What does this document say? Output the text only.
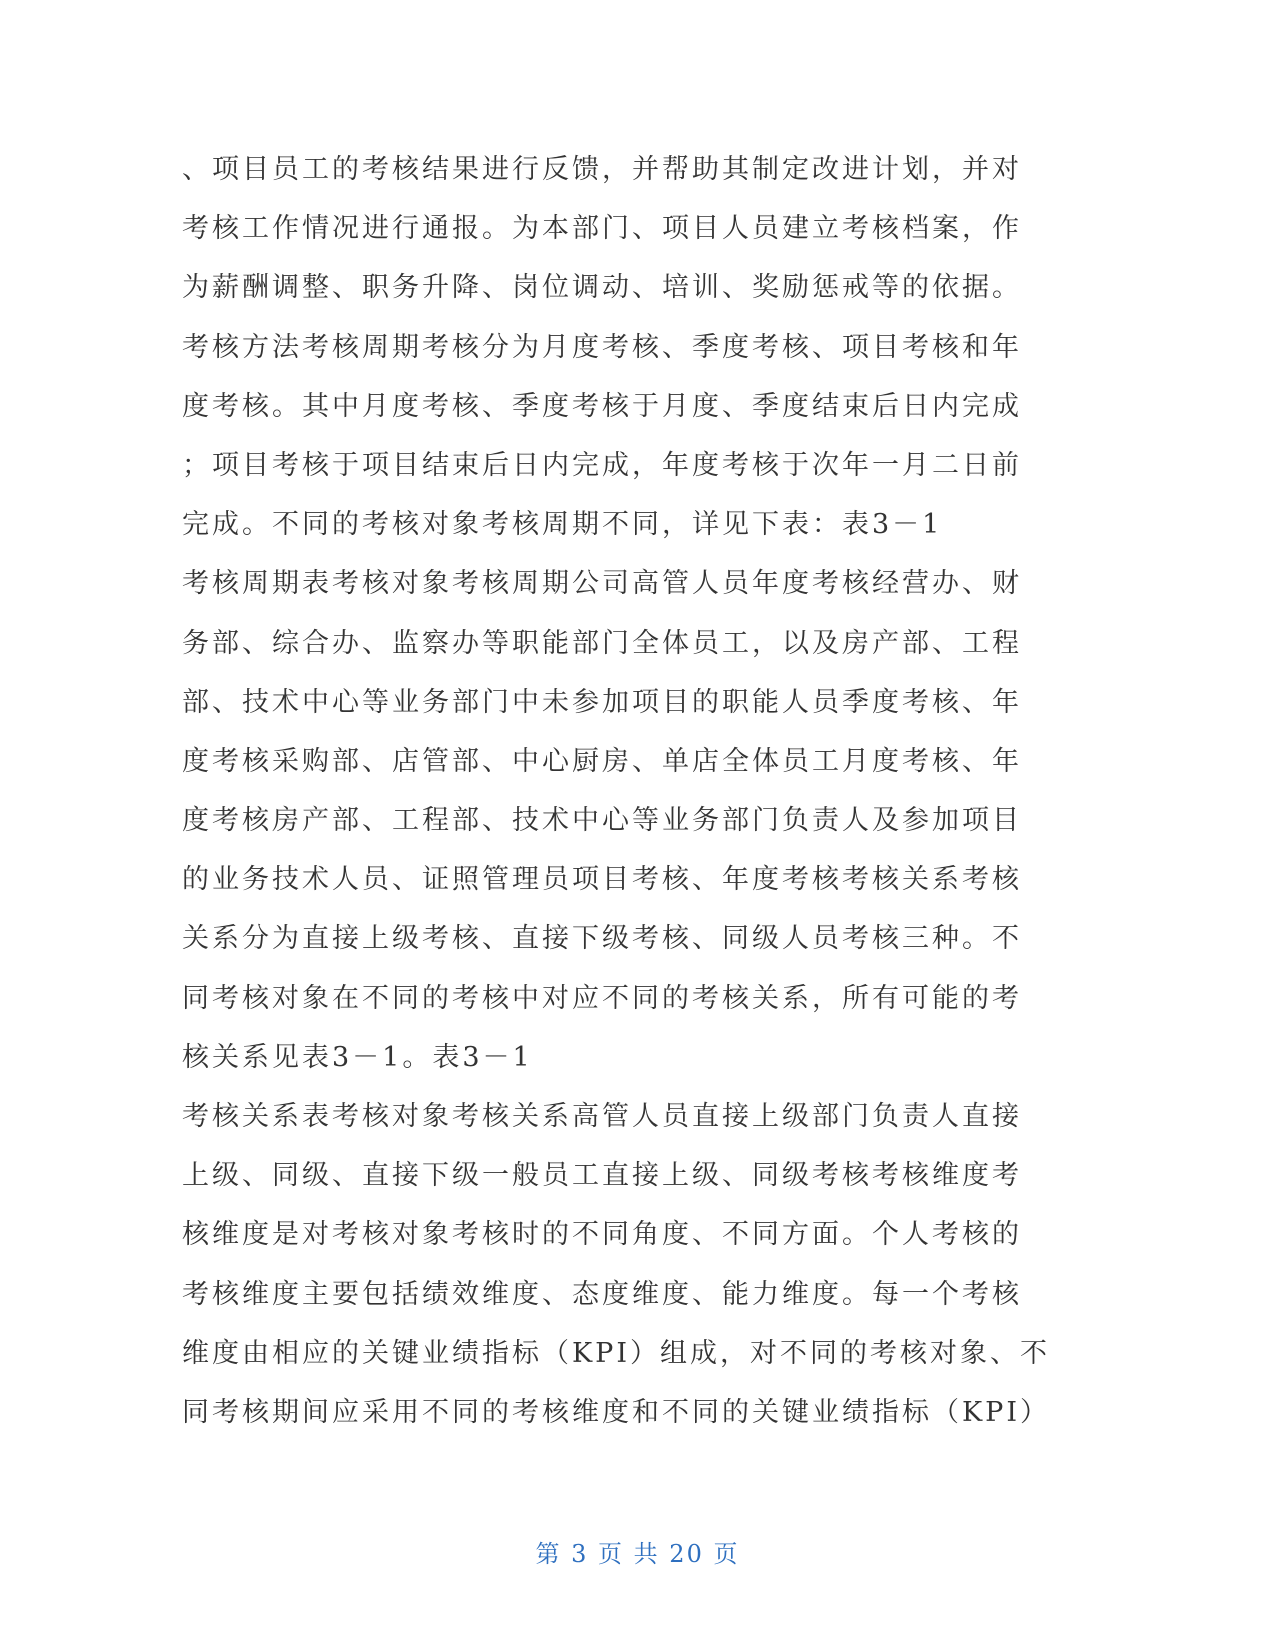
、项目员工的考核结果进行反馈，并帮助其制定改进计划，并对
考核工作情况进行通报。为本部门、项目人员建立考核档案，作
为薪酬调整、职务升降、岗位调动、培训、奖励惩戒等的依据。
考核方法考核周期考核分为月度考核、季度考核、项目考核和年
度考核。其中月度考核、季度考核于月度、季度结束后日内完成
；项目考核于项目结束后日内完成，年度考核于次年一月二日前
完成。不同的考核对象考核周期不同，详见下表：表3－1
考核周期表考核对象考核周期公司高管人员年度考核经营办、财
务部、综合办、监察办等职能部门全体员工，以及房产部、工程
部、技术中心等业务部门中未参加项目的职能人员季度考核、年
度考核采购部、店管部、中心厨房、单店全体员工月度考核、年
度考核房产部、工程部、技术中心等业务部门负责人及参加项目
的业务技术人员、证照管理员项目考核、年度考核考核关系考核
关系分为直接上级考核、直接下级考核、同级人员考核三种。不
同考核对象在不同的考核中对应不同的考核关系，所有可能的考
核关系见表3－1。表3－1
考核关系表考核对象考核关系高管人员直接上级部门负责人直接
上级、同级、直接下级一般员工直接上级、同级考核考核维度考
核维度是对考核对象考核时的不同角度、不同方面。个人考核的
考核维度主要包括绩效维度、态度维度、能力维度。每一个考核
维度由相应的关键业绩指标（KPI）组成，对不同的考核对象、不
同考核期间应采用不同的考核维度和不同的关键业绩指标（KPI）
第 3 页 共 20 页
